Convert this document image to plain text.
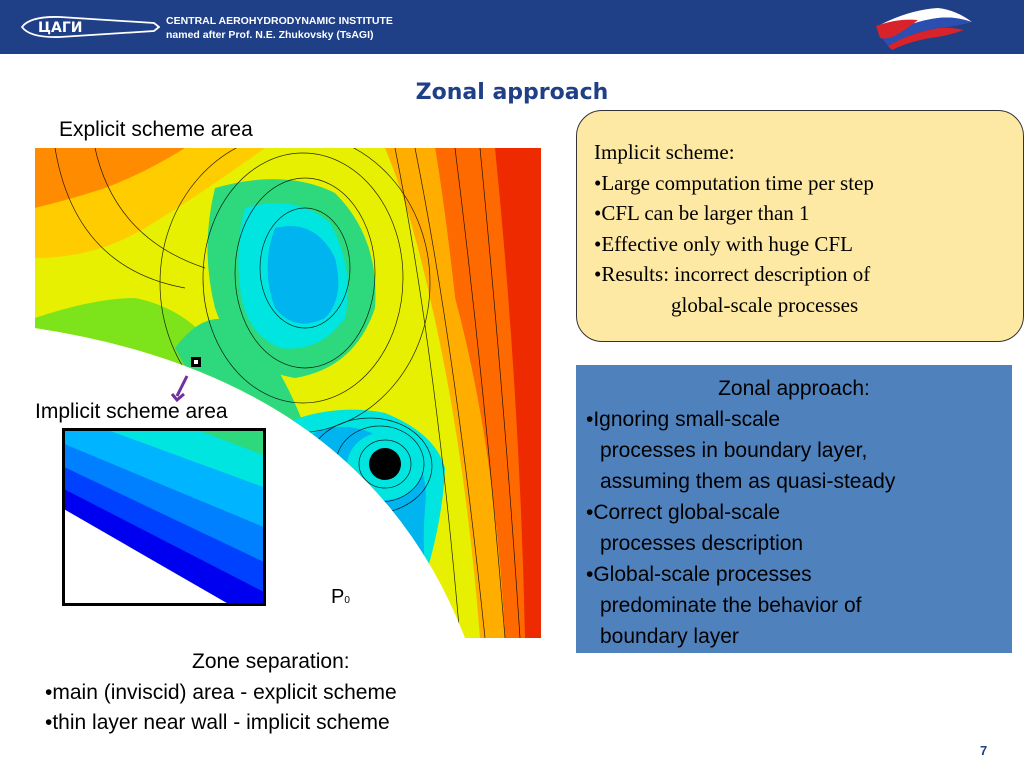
ЦАГИ	CENTRAL AEROHYDRODYNAMIC INSTITUTE
named after Prof. N.E. Zhukovsky (TsAGI)
Zonal approach
Explicit scheme area
Implicit scheme area
P0
Implicit scheme:
•Large computation time per step
•CFL can be larger than 1
•Effective only with huge CFL
•Results: incorrect description of
global-scale processes
Zonal approach:
•Ignoring small-scale
processes in boundary layer,
assuming them as quasi-steady
•Correct global-scale
processes description
•Global-scale processes
predominate the behavior of
boundary layer
Zone separation:
•main (inviscid) area - explicit scheme
•thin layer near wall - implicit scheme
7
